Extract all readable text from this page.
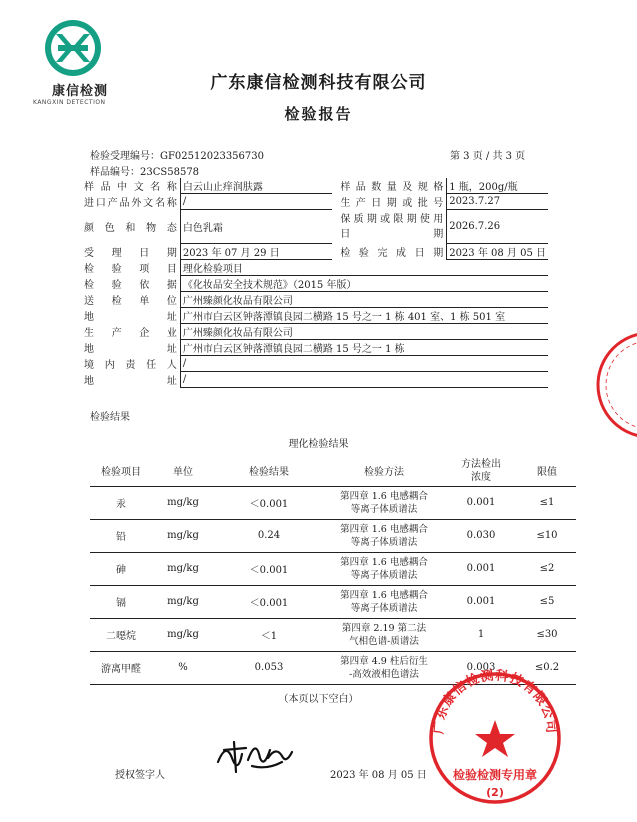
康信检测
KANGXIN DETECTION
广东康信检测科技有限公司
检验报告
检验受理编号：GF02512023356730	第 3 页 / 共 3 页
样品编号：23CS58578
样品中文名称	白云山止痒润肤露	样品数量及规格	1 瓶，200g/瓶
进口产品外文名称	/	生产日期或批号	2023.7.27
颜色和物态	白色乳霜	保质期或限期使用
日期	2026.7.26
受理日期	2023 年 07 月 29 日	检验完成日期	2023 年 08 月 05 日
检验项目	理化检验项目		
检验依据	《化妆品安全技术规范》（2015 年版）		
送检单位	广州臻颜化妆品有限公司		
地址	广州市白云区钟落潭镇良园二横路 15 号之一 1 栋 401 室、1 栋 501 室		
生产企业	广州臻颜化妆品有限公司		
地址	广州市白云区钟落潭镇良园二横路 15 号之一 1 栋		
境内责任人	/		
地址	/		
检验结果
理化检验结果
检验项目	单位	检验结果	检验方法	方法检出
浓度	限值
汞	mg/kg	＜0.001	第四章 1.6 电感耦合
等离子体质谱法	0.001	≤1
铅	mg/kg	0.24	第四章 1.6 电感耦合
等离子体质谱法	0.030	≤10
砷	mg/kg	＜0.001	第四章 1.6 电感耦合
等离子体质谱法	0.001	≤2
镉	mg/kg	＜0.001	第四章 1.6 电感耦合
等离子体质谱法	0.001	≤5
二噁烷	mg/kg	＜1	第四章 2.19 第二法
气相色谱-质谱法	1	≤30
游离甲醛	%	0.053	第四章 4.9 柱后衍生
-高效液相色谱法	0.003	≤0.2
（本页以下空白）
授权签字人	2023 年 08 月 05 日
广东康信检测科技有限公司
检验检测专用章
(2)
